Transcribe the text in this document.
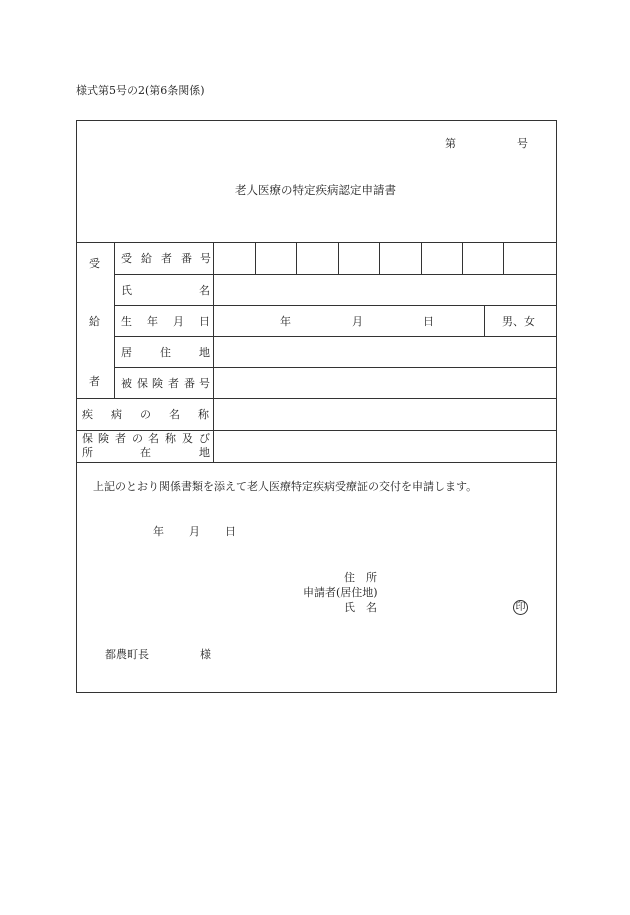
様式第5号の2(第6条関係)
第	号
老人医療の特定疾病認定申請書
受
給
者
受 給 者 番 号
氏	名
生 年 月 日	年	月	日	男、女
居	住	地
被 保 険 者 番 号
疾 病 の 名 称
保 険 者 の 名 称 及 び
所	在	地
上記のとおり関係書類を添えて老人医療特定疾病受療証の交付を申請します。
年 月 日
住　所
申請者(居住地)
氏　名	印
都農町長	様
